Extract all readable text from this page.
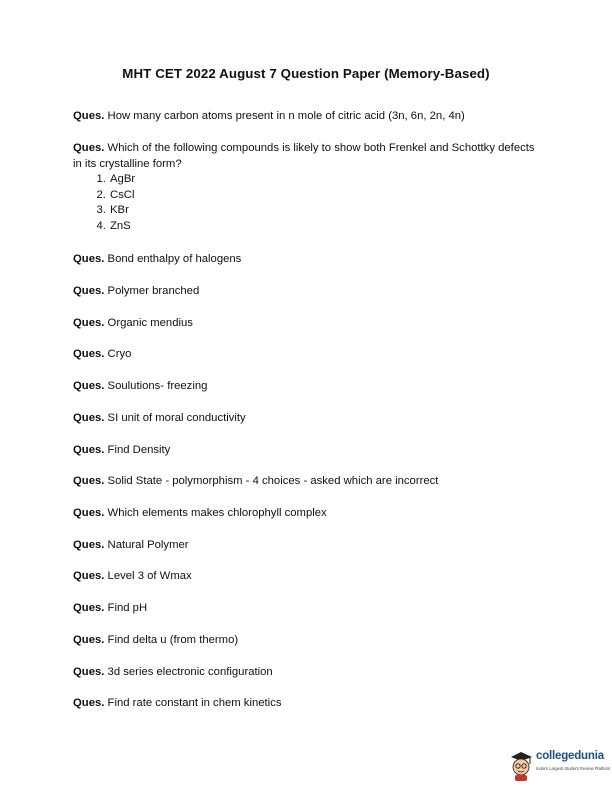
MHT CET 2022 August 7 Question Paper (Memory-Based)
Ques. How many carbon atoms present in n mole of citric acid (3n, 6n, 2n, 4n)
Ques. Which of the following compounds is likely to show both Frenkel and Schottky defects in its crystalline form?
1. AgBr
2. CsCl
3. KBr
4. ZnS
Ques. Bond enthalpy of halogens
Ques. Polymer branched
Ques. Organic mendius
Ques. Cryo
Ques. Soulutions- freezing
Ques. SI unit of moral conductivity
Ques. Find Density
Ques. Solid State - polymorphism - 4 choices - asked which are incorrect
Ques. Which elements makes chlorophyll complex
Ques. Natural Polymer
Ques. Level 3 of Wmax
Ques. Find pH
Ques. Find delta u (from thermo)
Ques. 3d series electronic configuration
Ques. Find rate constant in chem kinetics
collegedunia
India's Largest Student Review Platform
